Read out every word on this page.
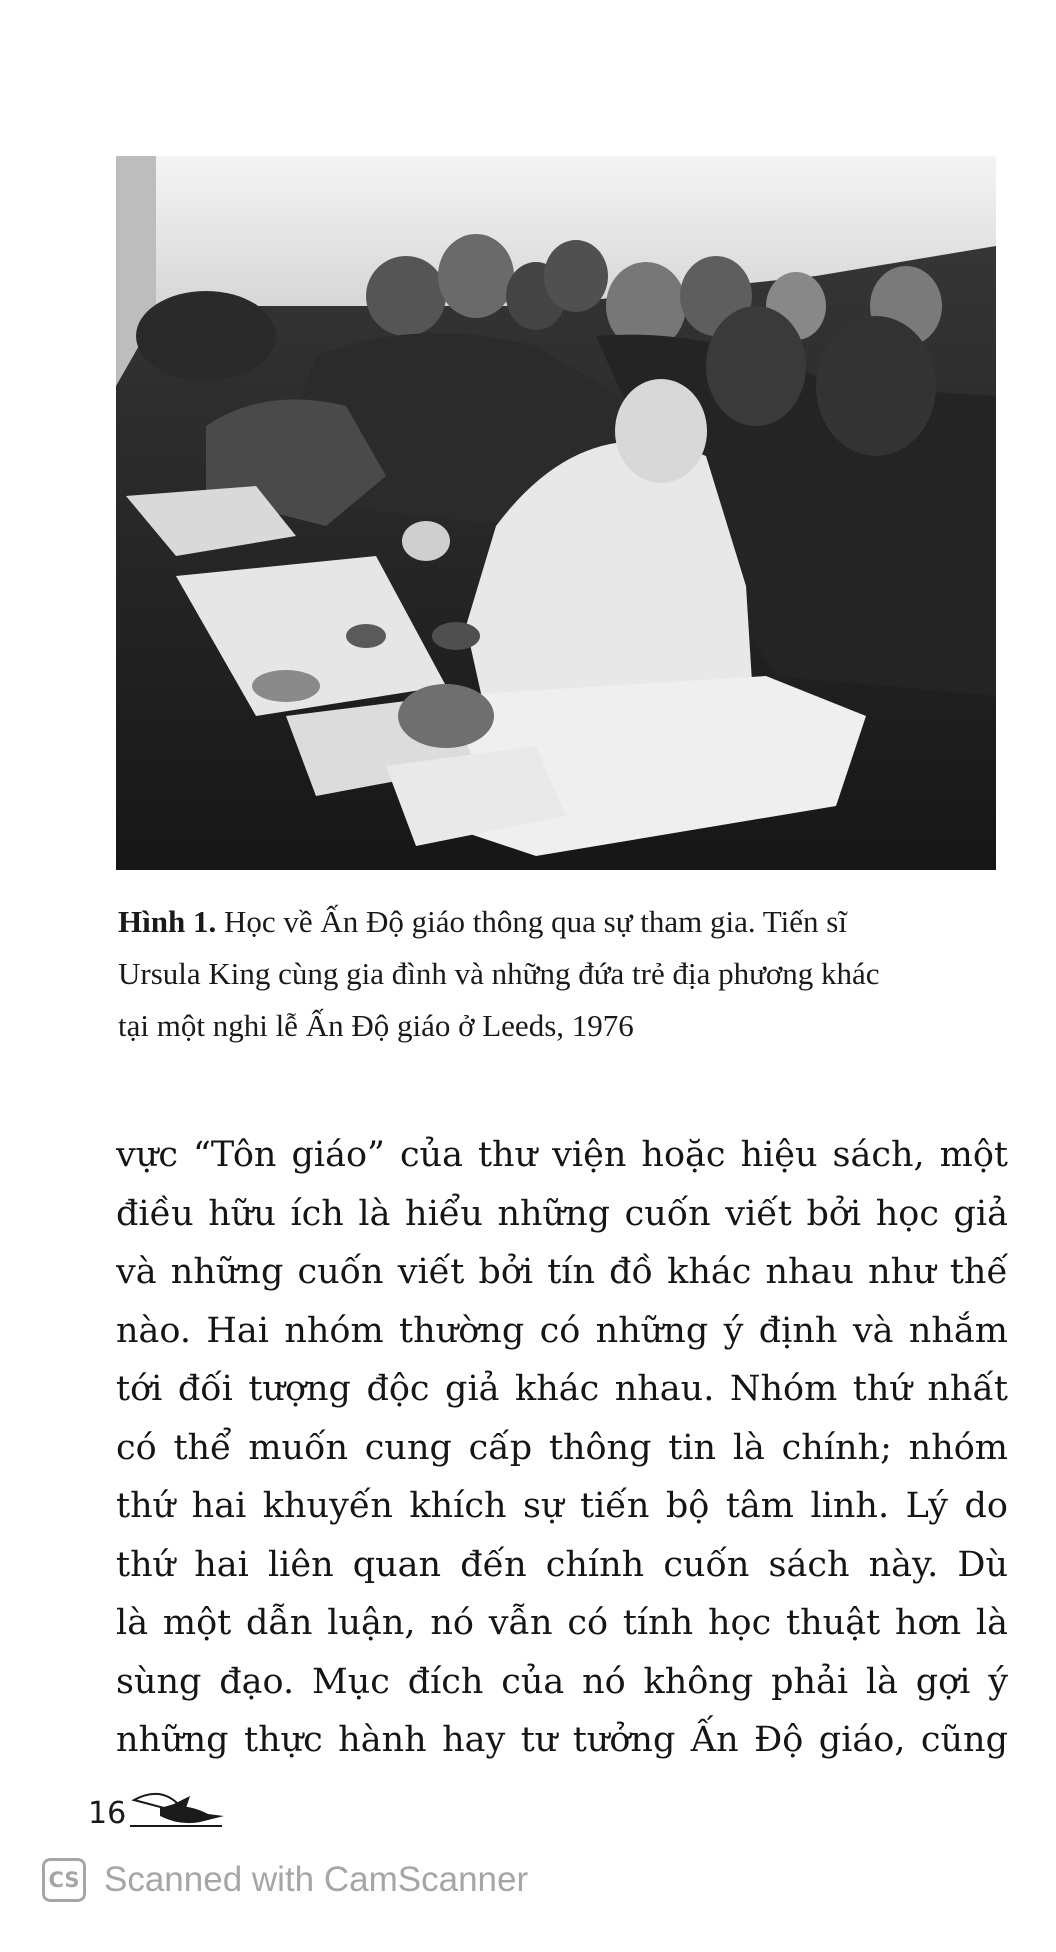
Hình 1. Học về Ấn Độ giáo thông qua sự tham gia. Tiến sĩ
Ursula King cùng gia đình và những đứa trẻ địa phương khác
tại một nghi lễ Ấn Độ giáo ở Leeds, 1976
vực “Tôn giáo” của thư viện hoặc hiệu sách, một
điều hữu ích là hiểu những cuốn viết bởi học giả
và những cuốn viết bởi tín đồ khác nhau như thế
nào. Hai nhóm thường có những ý định và nhắm
tới đối tượng độc giả khác nhau. Nhóm thứ nhất
có thể muốn cung cấp thông tin là chính; nhóm
thứ hai khuyến khích sự tiến bộ tâm linh. Lý do
thứ hai liên quan đến chính cuốn sách này. Dù
là một dẫn luận, nó vẫn có tính học thuật hơn là
sùng đạo. Mục đích của nó không phải là gợi ý
những thực hành hay tư tưởng Ấn Độ giáo, cũng
16
CS Scanned with CamScanner
